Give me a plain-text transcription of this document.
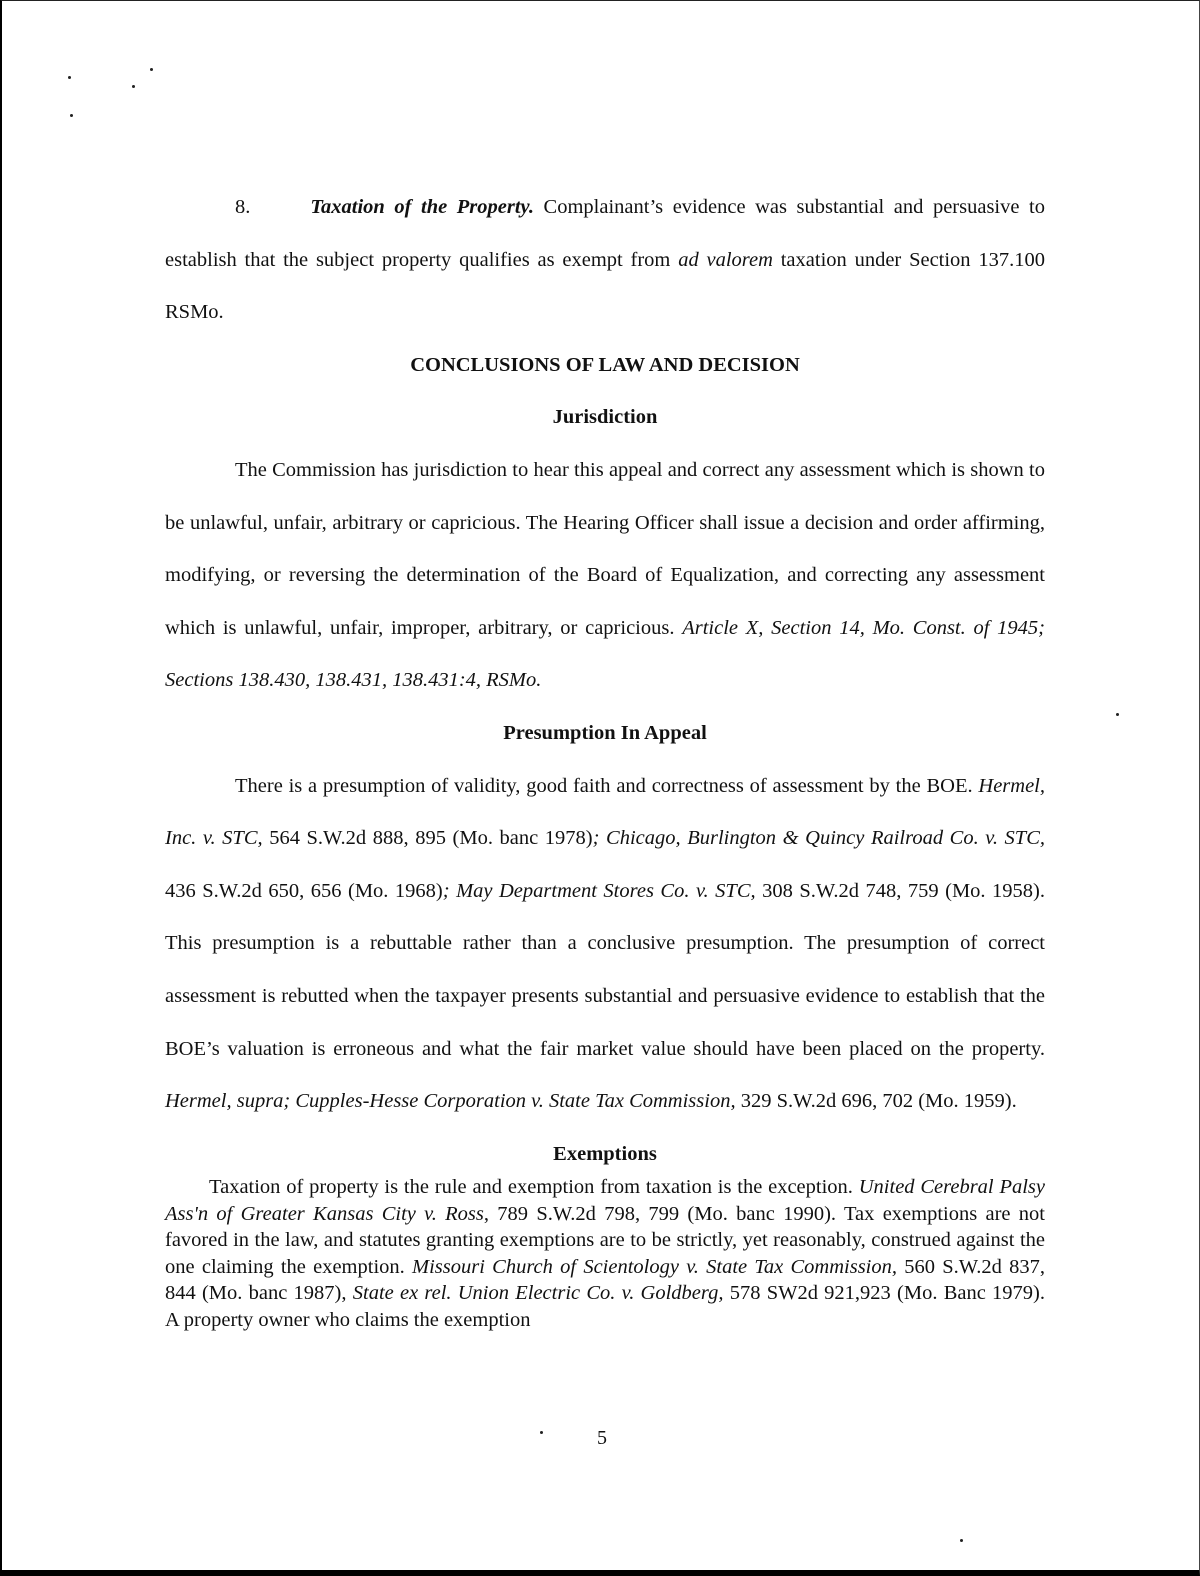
8.	Taxation of the Property. Complainant’s evidence was substantial and persuasive to establish that the subject property qualifies as exempt from ad valorem taxation under Section 137.100 RSMo.

CONCLUSIONS OF LAW AND DECISION
Jurisdiction

The Commission has jurisdiction to hear this appeal and correct any assessment which is shown to be unlawful, unfair, arbitrary or capricious. The Hearing Officer shall issue a decision and order affirming, modifying, or reversing the determination of the Board of Equalization, and correcting any assessment which is unlawful, unfair, improper, arbitrary, or capricious. Article X, Section 14, Mo. Const. of 1945; Sections 138.430, 138.431, 138.431:4, RSMo.

Presumption In Appeal

There is a presumption of validity, good faith and correctness of assessment by the BOE. Hermel, Inc. v. STC, 564 S.W.2d 888, 895 (Mo. banc 1978); Chicago, Burlington & Quincy Railroad Co. v. STC, 436 S.W.2d 650, 656 (Mo. 1968); May Department Stores Co. v. STC, 308 S.W.2d 748, 759 (Mo. 1958). This presumption is a rebuttable rather than a conclusive presumption. The presumption of correct assessment is rebutted when the taxpayer presents substantial and persuasive evidence to establish that the BOE’s valuation is erroneous and what the fair market value should have been placed on the property. Hermel, supra; Cupples-Hesse Corporation v. State Tax Commission, 329 S.W.2d 696, 702 (Mo. 1959).

Exemptions

Taxation of property is the rule and exemption from taxation is the exception. United Cerebral Palsy Ass'n of Greater Kansas City v. Ross, 789 S.W.2d 798, 799 (Mo. banc 1990). Tax exemptions are not favored in the law, and statutes granting exemptions are to be strictly, yet reasonably, construed against the one claiming the exemption. Missouri Church of Scientology v. State Tax Commission, 560 S.W.2d 837, 844 (Mo. banc 1987), State ex rel. Union Electric Co. v. Goldberg, 578 SW2d 921,923 (Mo. Banc 1979). A property owner who claims the exemption

5
